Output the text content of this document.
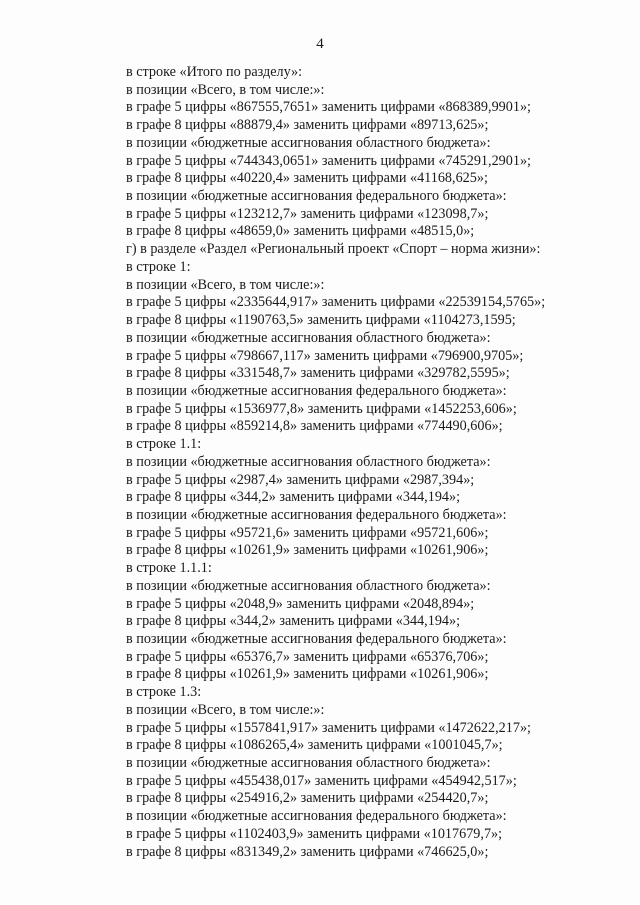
4
в строке «Итого по разделу»:
в позиции «Всего, в том числе:»:
в графе 5 цифры «867555,7651» заменить цифрами «868389,9901»;
в графе 8 цифры «88879,4» заменить цифрами «89713,625»;
в позиции «бюджетные ассигнования областного бюджета»:
в графе 5 цифры «744343,0651» заменить цифрами «745291,2901»;
в графе 8 цифры «40220,4» заменить цифрами «41168,625»;
в позиции «бюджетные ассигнования федерального бюджета»:
в графе 5 цифры «123212,7» заменить цифрами «123098,7»;
в графе 8 цифры «48659,0» заменить цифрами «48515,0»;
г) в разделе «Раздел «Региональный проект «Спорт – норма жизни»:
в строке 1:
в позиции «Всего, в том числе:»:
в графе 5 цифры «2335644,917» заменить цифрами «22539154,5765»;
в графе 8 цифры «1190763,5» заменить цифрами «1104273,1595;
в позиции «бюджетные ассигнования областного бюджета»:
в графе 5 цифры «798667,117» заменить цифрами «796900,9705»;
в графе 8 цифры «331548,7» заменить цифрами «329782,5595»;
в позиции «бюджетные ассигнования федерального бюджета»:
в графе 5 цифры «1536977,8» заменить цифрами «1452253,606»;
в графе 8 цифры «859214,8» заменить цифрами «774490,606»;
в строке 1.1:
в позиции «бюджетные ассигнования областного бюджета»:
в графе 5 цифры «2987,4» заменить цифрами «2987,394»;
в графе 8 цифры «344,2» заменить цифрами «344,194»;
в позиции «бюджетные ассигнования федерального бюджета»:
в графе 5 цифры «95721,6» заменить цифрами «95721,606»;
в графе 8 цифры «10261,9» заменить цифрами «10261,906»;
в строке 1.1.1:
в позиции «бюджетные ассигнования областного бюджета»:
в графе 5 цифры «2048,9» заменить цифрами «2048,894»;
в графе 8 цифры «344,2» заменить цифрами «344,194»;
в позиции «бюджетные ассигнования федерального бюджета»:
в графе 5 цифры «65376,7» заменить цифрами «65376,706»;
в графе 8 цифры «10261,9» заменить цифрами «10261,906»;
в строке 1.3:
в позиции «Всего, в том числе:»:
в графе 5 цифры «1557841,917» заменить цифрами «1472622,217»;
в графе 8 цифры «1086265,4» заменить цифрами «1001045,7»;
в позиции «бюджетные ассигнования областного бюджета»:
в графе 5 цифры «455438,017» заменить цифрами «454942,517»;
в графе 8 цифры «254916,2» заменить цифрами «254420,7»;
в позиции «бюджетные ассигнования федерального бюджета»:
в графе 5 цифры «1102403,9» заменить цифрами «1017679,7»;
в графе 8 цифры «831349,2» заменить цифрами «746625,0»;
